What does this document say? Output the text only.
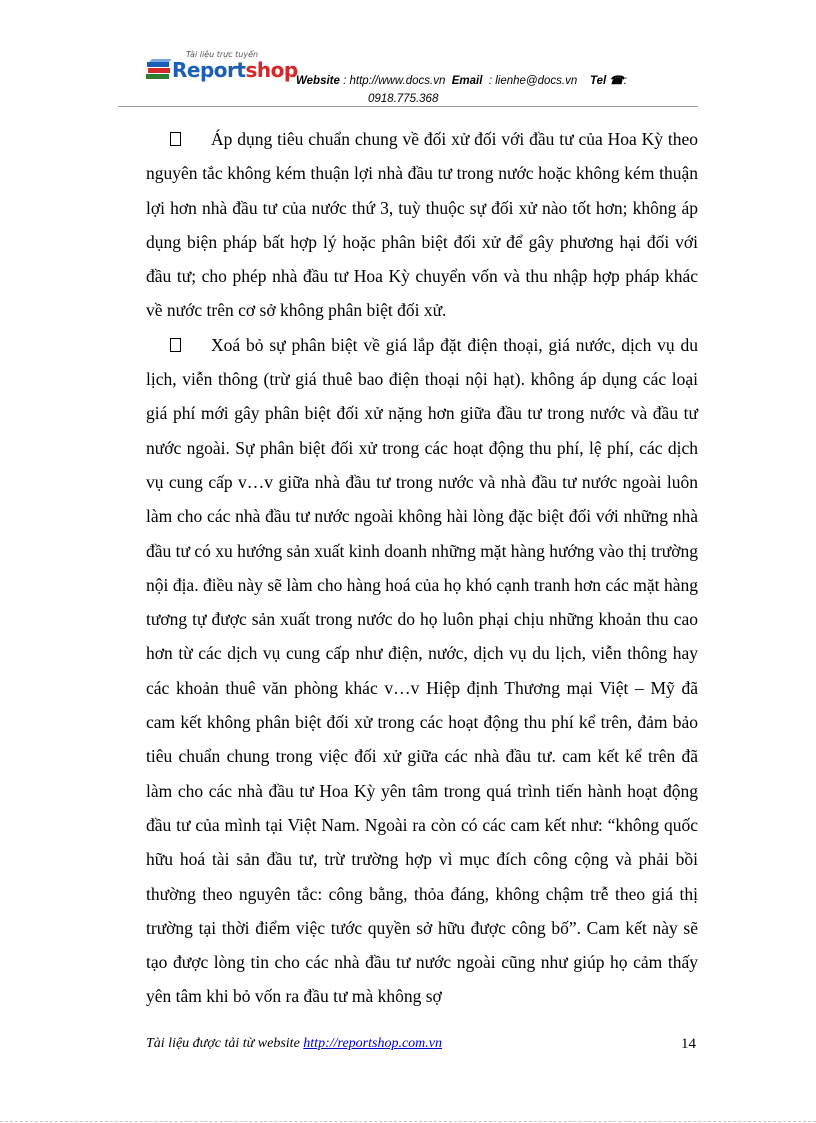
Tài liệu trực tuyến
Reportshop
Website : http://www.docs.vn Email : lienhe@docs.vn Tel ☎:
0918.775.368

Áp dụng tiêu chuẩn chung về đối xử đối với đầu tư của Hoa Kỳ theo nguyên tắc không kém thuận lợi nhà đầu tư trong nước hoặc không kém thuận lợi hơn nhà đầu tư của nước thứ 3, tuỳ thuộc sự đối xử nào tốt hơn; không áp dụng biện pháp bất hợp lý hoặc phân biệt đối xử để gây phương hại đối với đầu tư; cho phép nhà đầu tư Hoa Kỳ chuyển vốn và thu nhập hợp pháp khác về nước trên cơ sở không phân biệt đối xử.

Xoá bỏ sự phân biệt về giá lắp đặt điện thoại, giá nước, dịch vụ du lịch, viễn thông (trừ giá thuê bao điện thoại nội hạt). không áp dụng các loại giá phí mới gây phân biệt đối xử nặng hơn giữa đầu tư trong nước và đầu tư nước ngoài. Sự phân biệt đối xử trong các hoạt động thu phí, lệ phí, các dịch vụ cung cấp v…v giữa nhà đầu tư trong nước và nhà đầu tư nước ngoài luôn làm cho các nhà đầu tư nước ngoài không hài lòng đặc biệt đối với những nhà đầu tư có xu hướng sản xuất kinh doanh những mặt hàng hướng vào thị trường nội địa. điều này sẽ làm cho hàng hoá của họ khó cạnh tranh hơn các mặt hàng tương tự được sản xuất trong nước do họ luôn phại chịu những khoản thu cao hơn từ các dịch vụ cung cấp như điện, nước, dịch vụ du lịch, viễn thông hay các khoản thuê văn phòng khác v…v Hiệp định Thương mại Việt – Mỹ đã cam kết không phân biệt đối xử trong các hoạt động thu phí kể trên, đảm bảo tiêu chuẩn chung trong việc đối xử giữa các nhà đầu tư. cam kết kể trên đã làm cho các nhà đầu tư Hoa Kỳ yên tâm trong quá trình tiến hành hoạt động đầu tư của mình tại Việt Nam. Ngoài ra còn có các cam kết như: “không quốc hữu hoá tài sản đầu tư, trừ trường hợp vì mục đích công cộng và phải bồi thường theo nguyên tắc: công bằng, thỏa đáng, không chậm trễ theo giá thị trường tại thời điểm việc tước quyền sở hữu được công bố”. Cam kết này sẽ tạo được lòng tin cho các nhà đầu tư nước ngoài cũng như giúp họ cảm thấy yên tâm khi bỏ vốn ra đầu tư mà không sợ

Tài liệu được tải từ website http://reportshop.com.vn	14
